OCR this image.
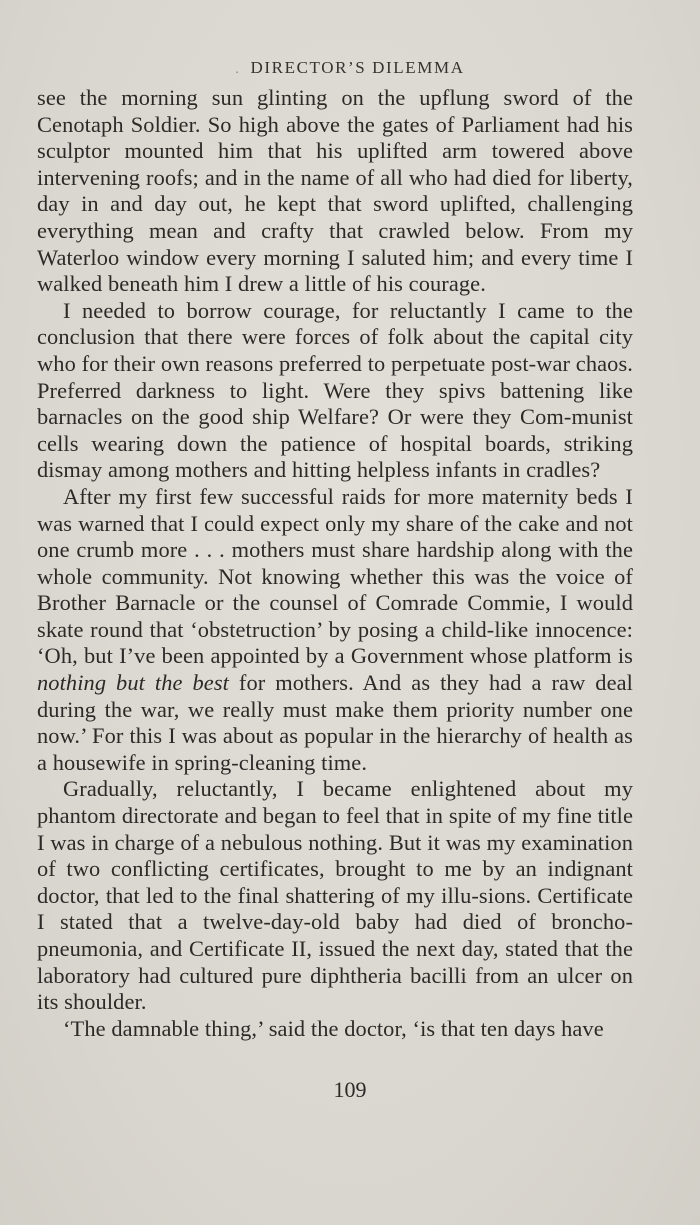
. DIRECTOR’S DILEMMA

see the morning sun glinting on the upflung sword of the Cenotaph Soldier. So high above the gates of Parliament had his sculptor mounted him that his uplifted arm towered above intervening roofs; and in the name of all who had died for liberty, day in and day out, he kept that sword uplifted, challenging everything mean and crafty that crawled below. From my Waterloo window every morning I saluted him; and every time I walked beneath him I drew a little of his courage.

I needed to borrow courage, for reluctantly I came to the conclusion that there were forces of folk about the capital city who for their own reasons preferred to perpetuate post-war chaos. Preferred darkness to light. Were they spivs battening like barnacles on the good ship Welfare? Or were they Com-munist cells wearing down the patience of hospital boards, striking dismay among mothers and hitting helpless infants in cradles?

After my first few successful raids for more maternity beds I was warned that I could expect only my share of the cake and not one crumb more . . . mothers must share hardship along with the whole community. Not knowing whether this was the voice of Brother Barnacle or the counsel of Comrade Commie, I would skate round that ‘obstetruction’ by posing a child-like innocence: ‘Oh, but I’ve been appointed by a Government whose platform is nothing but the best for mothers. And as they had a raw deal during the war, we really must make them priority number one now.’ For this I was about as popular in the hierarchy of health as a housewife in spring-cleaning time.

Gradually, reluctantly, I became enlightened about my phantom directorate and began to feel that in spite of my fine title I was in charge of a nebulous nothing. But it was my examination of two conflicting certificates, brought to me by an indignant doctor, that led to the final shattering of my illu-sions. Certificate I stated that a twelve-day-old baby had died of broncho-pneumonia, and Certificate II, issued the next day, stated that the laboratory had cultured pure diphtheria bacilli from an ulcer on its shoulder.

‘The damnable thing,’ said the doctor, ‘is that ten days have

109
